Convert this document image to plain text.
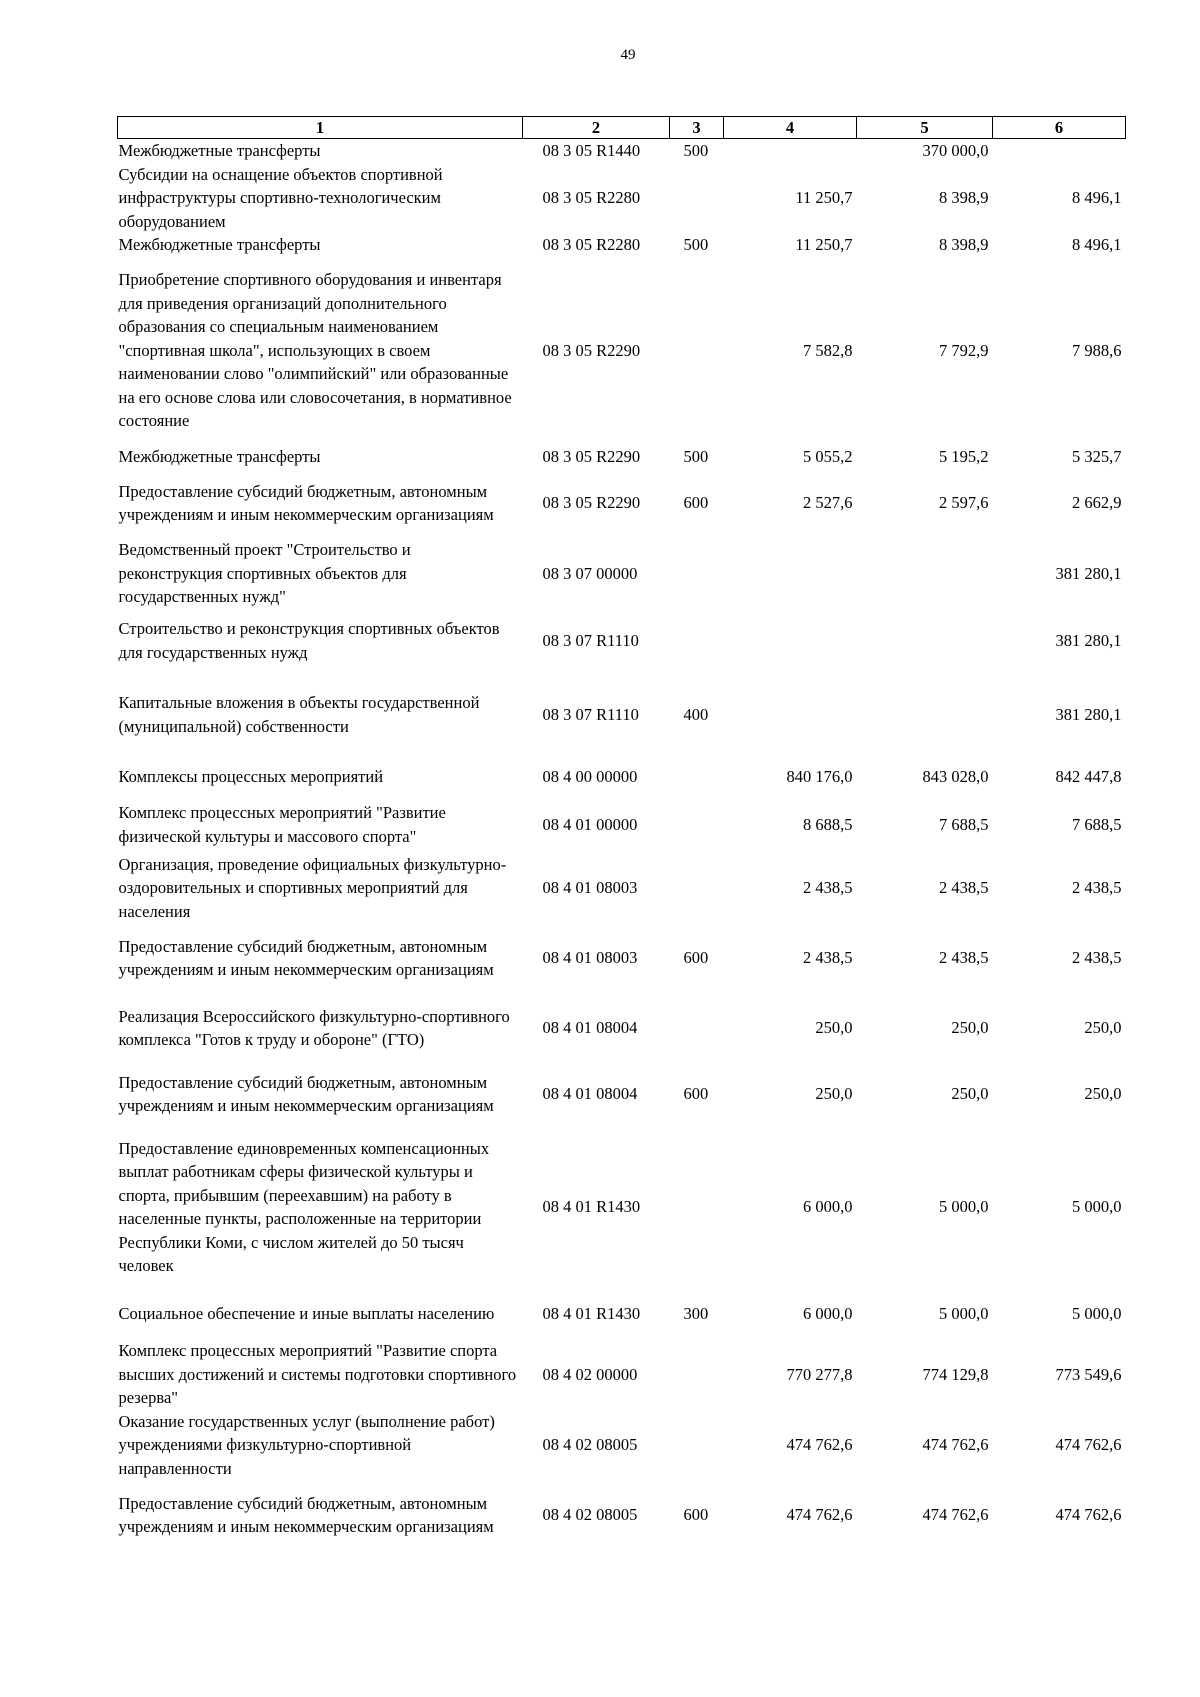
49
1	2	3	4	5	6
Межбюджетные трансферты	08 3 05 R1440	500		370 000,0	
Субсидии на оснащение объектов спортивной инфраструктуры спортивно-технологическим оборудованием	08 3 05 R2280		11 250,7	8 398,9	8 496,1
Межбюджетные трансферты	08 3 05 R2280	500	11 250,7	8 398,9	8 496,1
Приобретение спортивного оборудования и инвентаря для приведения организаций дополнительного образования со специальным наименованием "спортивная школа", использующих в своем наименовании слово "олимпийский" или образованные на его основе слова или словосочетания, в нормативное состояние	08 3 05 R2290		7 582,8	7 792,9	7 988,6
Межбюджетные трансферты	08 3 05 R2290	500	5 055,2	5 195,2	5 325,7
Предоставление субсидий бюджетным, автономным учреждениям и иным некоммерческим организациям	08 3 05 R2290	600	2 527,6	2 597,6	2 662,9
Ведомственный проект "Строительство и реконструкция спортивных объектов для государственных нужд"	08 3 07 00000				381 280,1
Строительство и реконструкция спортивных объектов для государственных нужд	08 3 07 R1110				381 280,1
Капитальные вложения в объекты государственной (муниципальной) собственности	08 3 07 R1110	400			381 280,1
Комплексы процессных мероприятий	08 4 00 00000		840 176,0	843 028,0	842 447,8
Комплекс процессных мероприятий "Развитие физической культуры и массового спорта"	08 4 01 00000		8 688,5	7 688,5	7 688,5
Организация, проведение официальных физкультурно-оздоровительных и спортивных мероприятий для населения	08 4 01 08003		2 438,5	2 438,5	2 438,5
Предоставление субсидий бюджетным, автономным учреждениям и иным некоммерческим организациям	08 4 01 08003	600	2 438,5	2 438,5	2 438,5
Реализация Всероссийского физкультурно-спортивного комплекса "Готов к труду и обороне" (ГТО)	08 4 01 08004		250,0	250,0	250,0
Предоставление субсидий бюджетным, автономным учреждениям и иным некоммерческим организациям	08 4 01 08004	600	250,0	250,0	250,0
Предоставление единовременных компенсационных выплат работникам сферы физической культуры и спорта, прибывшим (переехавшим) на работу в населенные пункты, расположенные на территории Республики Коми, с числом жителей до 50 тысяч человек	08 4 01 R1430		6 000,0	5 000,0	5 000,0
Социальное обеспечение и иные выплаты населению	08 4 01 R1430	300	6 000,0	5 000,0	5 000,0
Комплекс процессных мероприятий "Развитие спорта высших достижений и системы подготовки спортивного резерва"	08 4 02 00000		770 277,8	774 129,8	773 549,6
Оказание государственных услуг (выполнение работ) учреждениями физкультурно-спортивной направленности	08 4 02 08005		474 762,6	474 762,6	474 762,6
Предоставление субсидий бюджетным, автономным учреждениям и иным некоммерческим организациям	08 4 02 08005	600	474 762,6	474 762,6	474 762,6
